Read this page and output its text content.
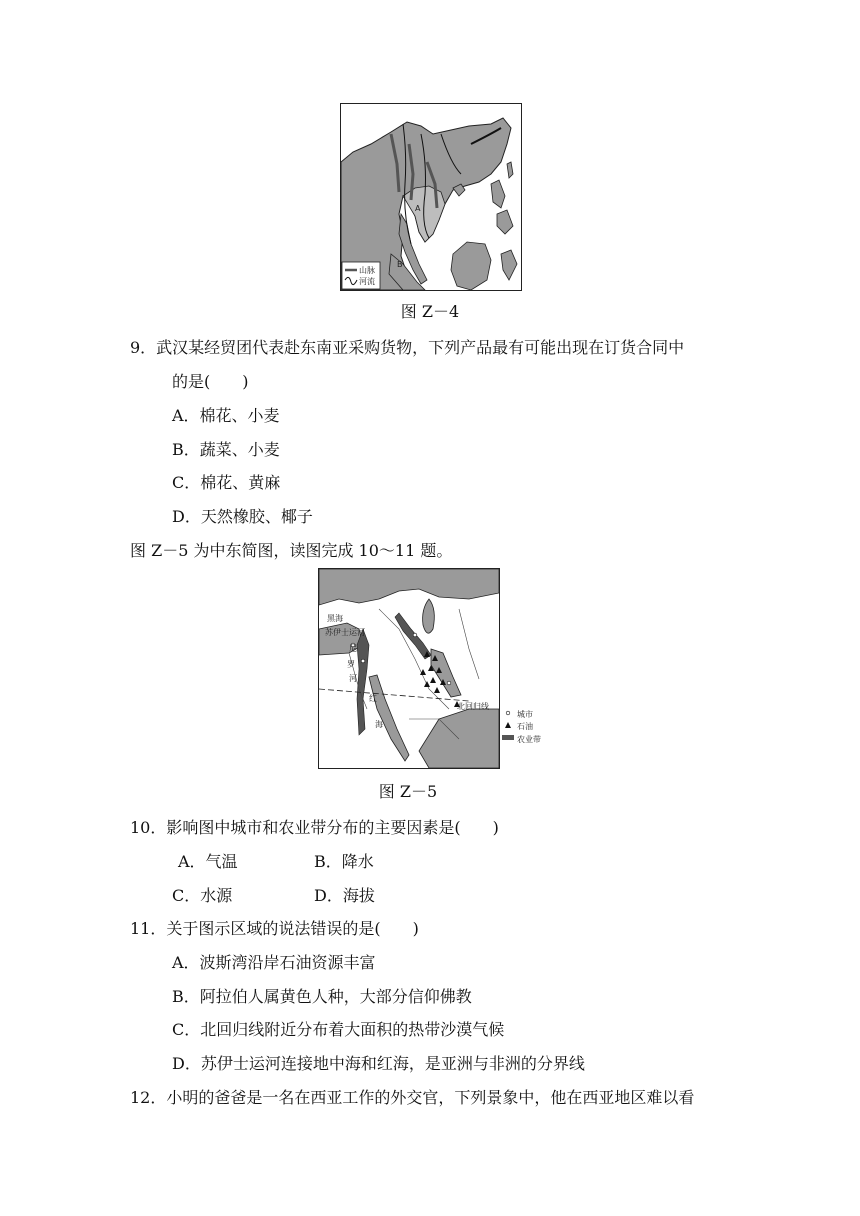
A
B
山脉
河流
图 Z－4
9．武汉某经贸团代表赴东南亚采购货物，下列产品最有可能出现在订货合同中
的是(　　)
A．棉花、小麦
B．蔬菜、小麦
C．棉花、黄麻
D．天然橡胶、椰子
图 Z－5 为中东简图，读图完成 10～11 题。
黑海
苏伊士运河
尼
罗
河
红
海
北回归线
城市
石油
农业带
图 Z－5
10．影响图中城市和农业带分布的主要因素是(　　)
A．气温	B．降水
C．水源	D．海拔
11．关于图示区域的说法错误的是(　　)
A．波斯湾沿岸石油资源丰富
B．阿拉伯人属黄色人种，大部分信仰佛教
C．北回归线附近分布着大面积的热带沙漠气候
D．苏伊士运河连接地中海和红海，是亚洲与非洲的分界线
12．小明的爸爸是一名在西亚工作的外交官，下列景象中，他在西亚地区难以看
